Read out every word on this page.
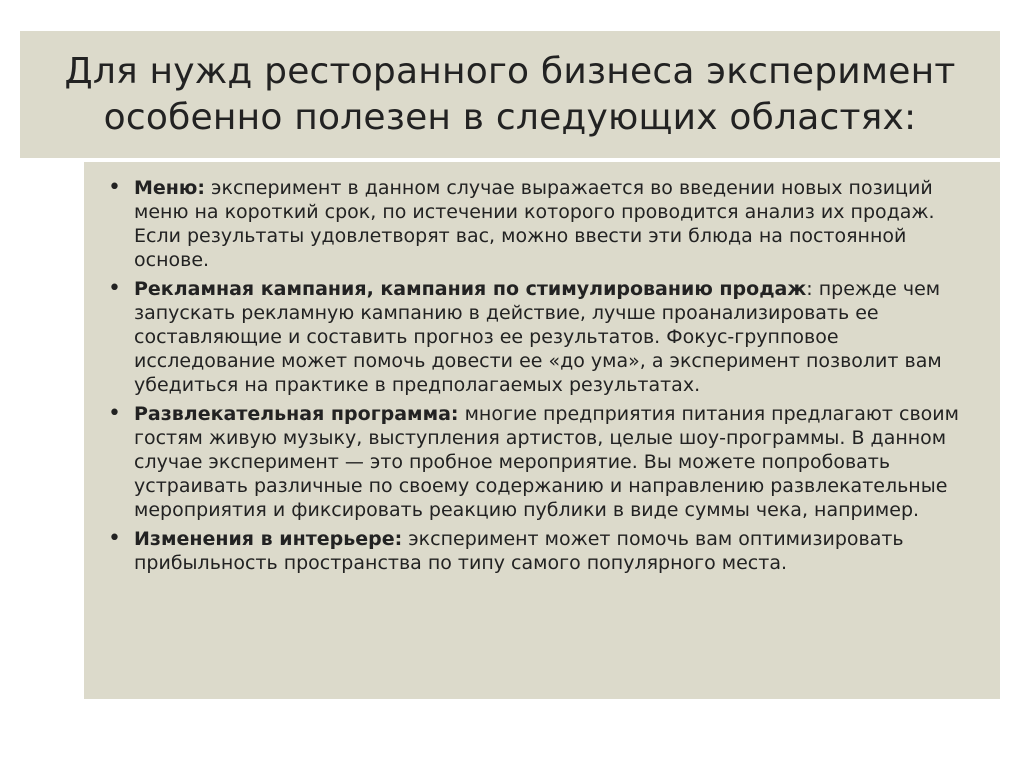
Для нужд ресторанного бизнеса эксперимент особенно полезен в следующих областях:
• Меню: эксперимент в данном случае выражается во введении новых позиций меню на короткий срок, по истечении которого проводится анализ их продаж. Если результаты удовлетворят вас, можно ввести эти блюда на постоянной основе.
• Рекламная кампания, кампания по стимулированию продаж: прежде чем запускать рекламную кампанию в действие, лучше проанализировать ее составляющие и составить прогноз ее результатов. Фокус-групповое исследование может помочь довести ее «до ума», а эксперимент позволит вам убедиться на практике в предполагаемых результатах.
• Развлекательная программа: многие предприятия питания предлагают своим гостям живую музыку, выступления артистов, целые шоу-программы. В данном случае эксперимент — это пробное мероприятие. Вы можете попробовать устраивать различные по своему содержанию и направлению развлекательные мероприятия и фиксировать реакцию публики в виде суммы чека, например.
• Изменения в интерьере: эксперимент может помочь вам оптимизировать прибыльность пространства по типу самого популярного места.
